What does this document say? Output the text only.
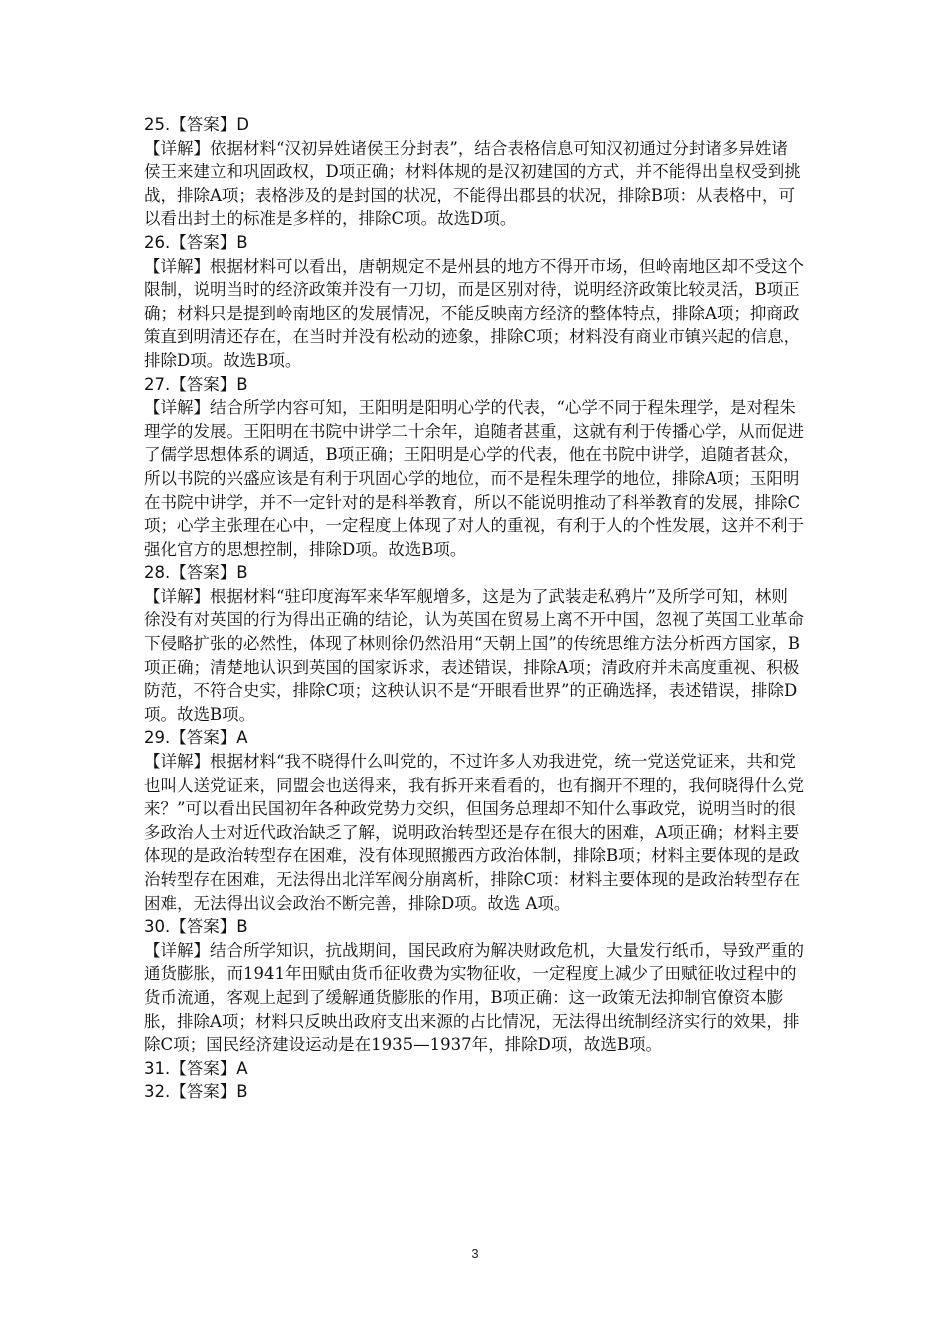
25.【答案】D

【详解】依据材料“汉初异姓诸侯王分封表”，结合表格信息可知汉初通过分封诸多异姓诸侯王来建立和巩固政权，D项正确；材料体规的是汉初建国的方式，并不能得出皇权受到挑战，排除A项；表格涉及的是封国的状况，不能得出郡县的状况，排除B项：从表格中，可以看出封土的标准是多样的，排除C项。故选D项。

26.【答案】B

【详解】根据材料可以看出，唐朝规定不是州县的地方不得开市场，但岭南地区却不受这个限制，说明当时的经济政策并没有一刀切，而是区别对待，说明经济政策比较灵活，B项正确；材料只是提到岭南地区的发展情况，不能反映南方经济的整体特点，排除A项；抑商政策直到明清还存在，在当时并没有松动的迹象，排除C项；材料没有商业市镇兴起的信息，排除D项。故选B项。

27.【答案】B

【详解】结合所学内容可知，王阳明是阳明心学的代表，“心学不同于程朱理学，是对程朱理学的发展。王阳明在书院中讲学二十余年，追随者甚重，这就有利于传播心学，从而促进了儒学思想体系的调适，B项正确；王阳明是心学的代表，他在书院中讲学，追随者甚众，所以书院的兴盛应该是有利于巩固心学的地位，而不是程朱理学的地位，排除A项；玉阳明在书院中讲学，并不一定针对的是科举教育，所以不能说明推动了科举教育的发展，排除C项；心学主张理在心中，一定程度上体现了对人的重视，有利于人的个性发展，这并不利于强化官方的思想控制，排除D项。故选B项。

28.【答案】B

【详解】根据材料“驻印度海军来华军舰增多，这是为了武装走私鸦片”及所学可知，林则徐没有对英国的行为得出正确的结论，认为英国在贸易上离不开中国，忽视了英国工业革命下侵略扩张的必然性，体现了林则徐仍然沿用“天朝上国”的传统思维方法分析西方国家，B项正确；清楚地认识到英国的国家诉求，表述错误，排除A项；清政府并未高度重视、积极防范，不符合史实，排除C项；这秧认识不是“开眼看世界”的正确选择，表述错误，排除D项。故选B项。

29.【答案】A

【详解】根据材料“我不晓得什么叫党的，不过许多人劝我进党，统一党送党证来，共和党也叫人送党证来，同盟会也送得来，我有拆开来看看的，也有搁开不理的，我何晓得什么党来？”可以看出民国初年各种政党势力交织，但国务总理却不知什么事政党，说明当时的很多政治人士对近代政治缺乏了解，说明政治转型还是存在很大的困难，A项正确；材料主要体现的是政治转型存在困难，没有体现照搬西方政治体制，排除B项；材料主要体现的是政治转型存在困难，无法得出北洋军阀分崩离析，排除C项：材料主要体现的是政治转型存在困难，无法得出议会政治不断完善，排除D项。故选 A项。

30.【答案】B

【详解】结合所学知识，抗战期间，国民政府为解决财政危机，大量发行纸币，导致严重的通货膨胀，而1941年田赋由货币征收费为实物征收，一定程度上减少了田赋征收过程中的货币流通，客观上起到了缓解通货膨胀的作用，B项正确：这一政策无法抑制官僚资本膨胀，排除A项；材料只反映出政府支出来源的占比情况，无法得出统制经济实行的效果，排除C项；国民经济建设运动是在1935—1937年，排除D项，故选B项。

31.【答案】A

32.【答案】B

3
